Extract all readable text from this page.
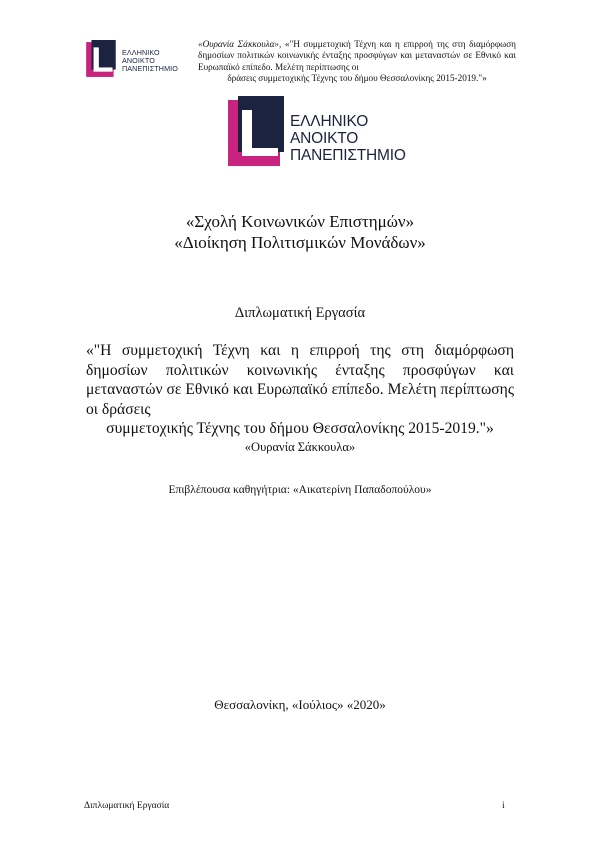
ΕΛΛΗΝΙΚΟ
ΑΝΟΙΚΤΟ
ΠΑΝΕΠΙΣΤΗΜΙΟ
«Ουρανία Σάκκουλα», «"Η συμμετοχική Τέχνη και η επιρροή της στη διαμόρφωση δημοσίων πολιτικών κοινωνικής ένταξης προσφύγων και μεταναστών σε Εθνικό και Ευρωπαϊκό επίπεδο. Μελέτη περίπτωσης οι
δράσεις συμμετοχικής Τέχνης του δήμου Θεσσαλονίκης 2015-2019."»
ΕΛΛΗΝΙΚΟ
ΑΝΟΙΚΤΟ
ΠΑΝΕΠΙΣΤΗΜΙΟ
«Σχολή Κοινωνικών Επιστημών»
«Διοίκηση Πολιτισμικών Μονάδων»
Διπλωματική Εργασία
«"Η συμμετοχική Τέχνη και η επιρροή της στη διαμόρφωση δημοσίων πολιτικών κοινωνικής ένταξης προσφύγων και μεταναστών σε Εθνικό και Ευρωπαϊκό επίπεδο. Μελέτη περίπτωσης οι δράσεις
συμμετοχικής Τέχνης του δήμου Θεσσαλονίκης 2015-2019."»
«Ουρανία Σάκκουλα»
Επιβλέπουσα καθηγήτρια: «Αικατερίνη Παπαδοπούλου»
Θεσσαλονίκη, «Ιούλιος» «2020»
Διπλωματική Εργασία	i
